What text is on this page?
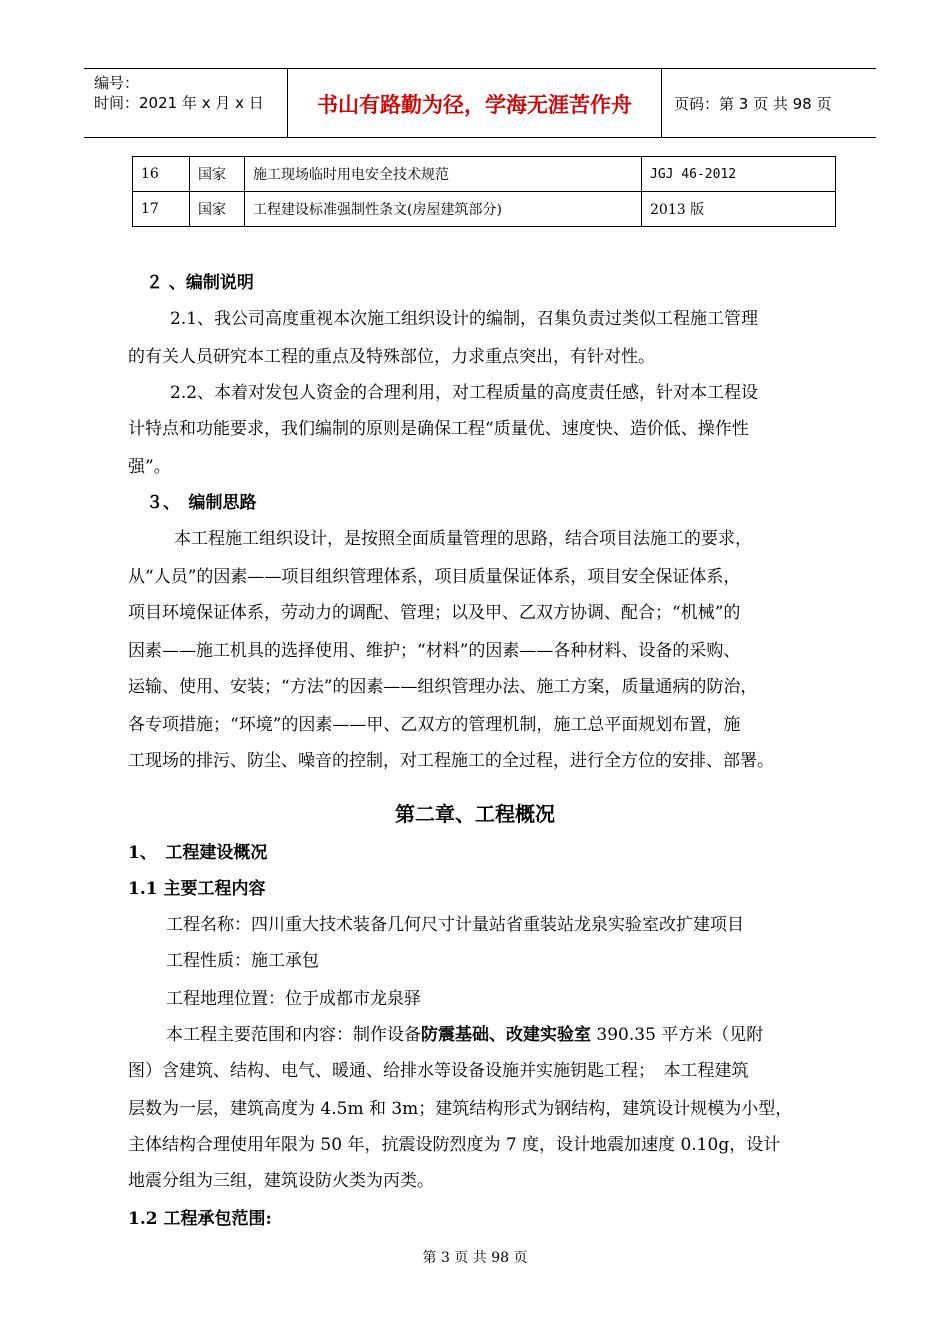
编号：
时间：2021 年 x 月 x 日	书山有路勤为径，学海无涯苦作舟	页码：第 3 页 共 98 页
16	国家	施工现场临时用电安全技术规范	JGJ 46-2012
17	国家	工程建设标准强制性条文(房屋建筑部分)	2013 版
２ 、编制说明
2.1、我公司高度重视本次施工组织设计的编制，召集负责过类似工程施工管理
的有关人员研究本工程的重点及特殊部位，力求重点突出，有针对性。
2.2、本着对发包人资金的合理利用，对工程质量的高度责任感，针对本工程设
计特点和功能要求，我们编制的原则是确保工程“质量优、速度快、造价低、操作性
强”。
３、　编制思路
本工程施工组织设计，是按照全面质量管理的思路，结合项目法施工的要求，
从“人员”的因素——项目组织管理体系，项目质量保证体系，项目安全保证体系，
项目环境保证体系，劳动力的调配、管理；以及甲、乙双方协调、配合；“机械”的
因素——施工机具的选择使用、维护；“材料”的因素——各种材料、设备的采购、
运输、使用、安装；“方法”的因素——组织管理办法、施工方案，质量通病的防治，
各专项措施；“环境”的因素——甲、乙双方的管理机制，施工总平面规划布置，施
工现场的排污、防尘、噪音的控制，对工程施工的全过程，进行全方位的安排、部署。
第二章、工程概况
1、　工程建设概况
1.1 主要工程内容
工程名称：四川重大技术装备几何尺寸计量站省重装站龙泉实验室改扩建项目
工程性质：施工承包
工程地理位置：位于成都市龙泉驿
本工程主要范围和内容：制作设备防震基础、改建实验室 390.35 平方米（见附
图）含建筑、结构、电气、暖通、给排水等设备设施并实施钥匙工程；　本工程建筑
层数为一层，建筑高度为 4.5m 和 3m；建筑结构形式为钢结构，建筑设计规模为小型，
主体结构合理使用年限为 50 年，抗震设防烈度为 7 度，设计地震加速度 0.10g，设计
地震分组为三组，建筑设防火类为丙类。
1.2 工程承包范围:
第 3 页 共 98 页
